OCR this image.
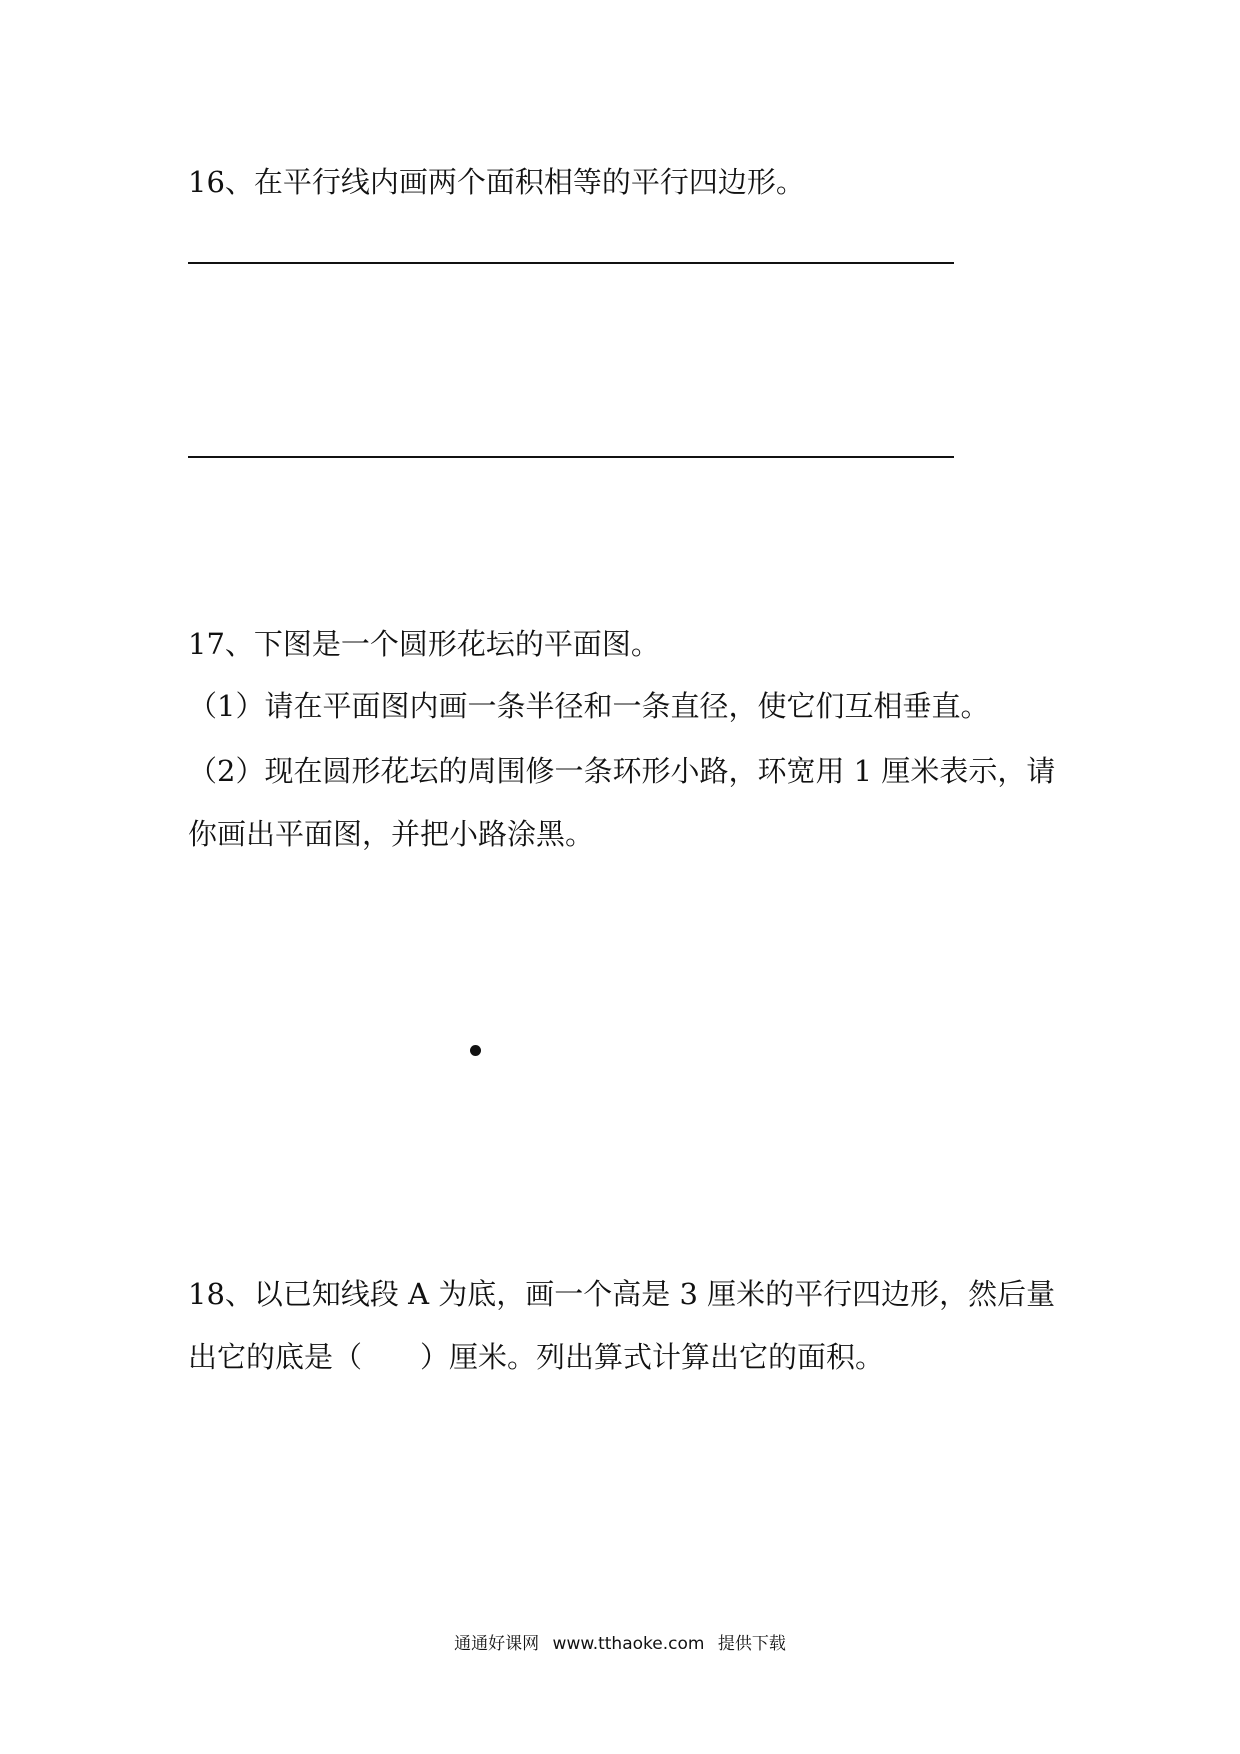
16、在平行线内画两个面积相等的平行四边形。
17、下图是一个圆形花坛的平面图。
（1）请在平面图内画一条半径和一条直径，使它们互相垂直。
（2）现在圆形花坛的周围修一条环形小路，环宽用 1 厘米表示，请
你画出平面图，并把小路涂黑。
18、以已知线段 A 为底，画一个高是 3 厘米的平行四边形，然后量
出它的底是（　　）厘米。列出算式计算出它的面积。
通通好课网 www.tthaoke.com 提供下载
